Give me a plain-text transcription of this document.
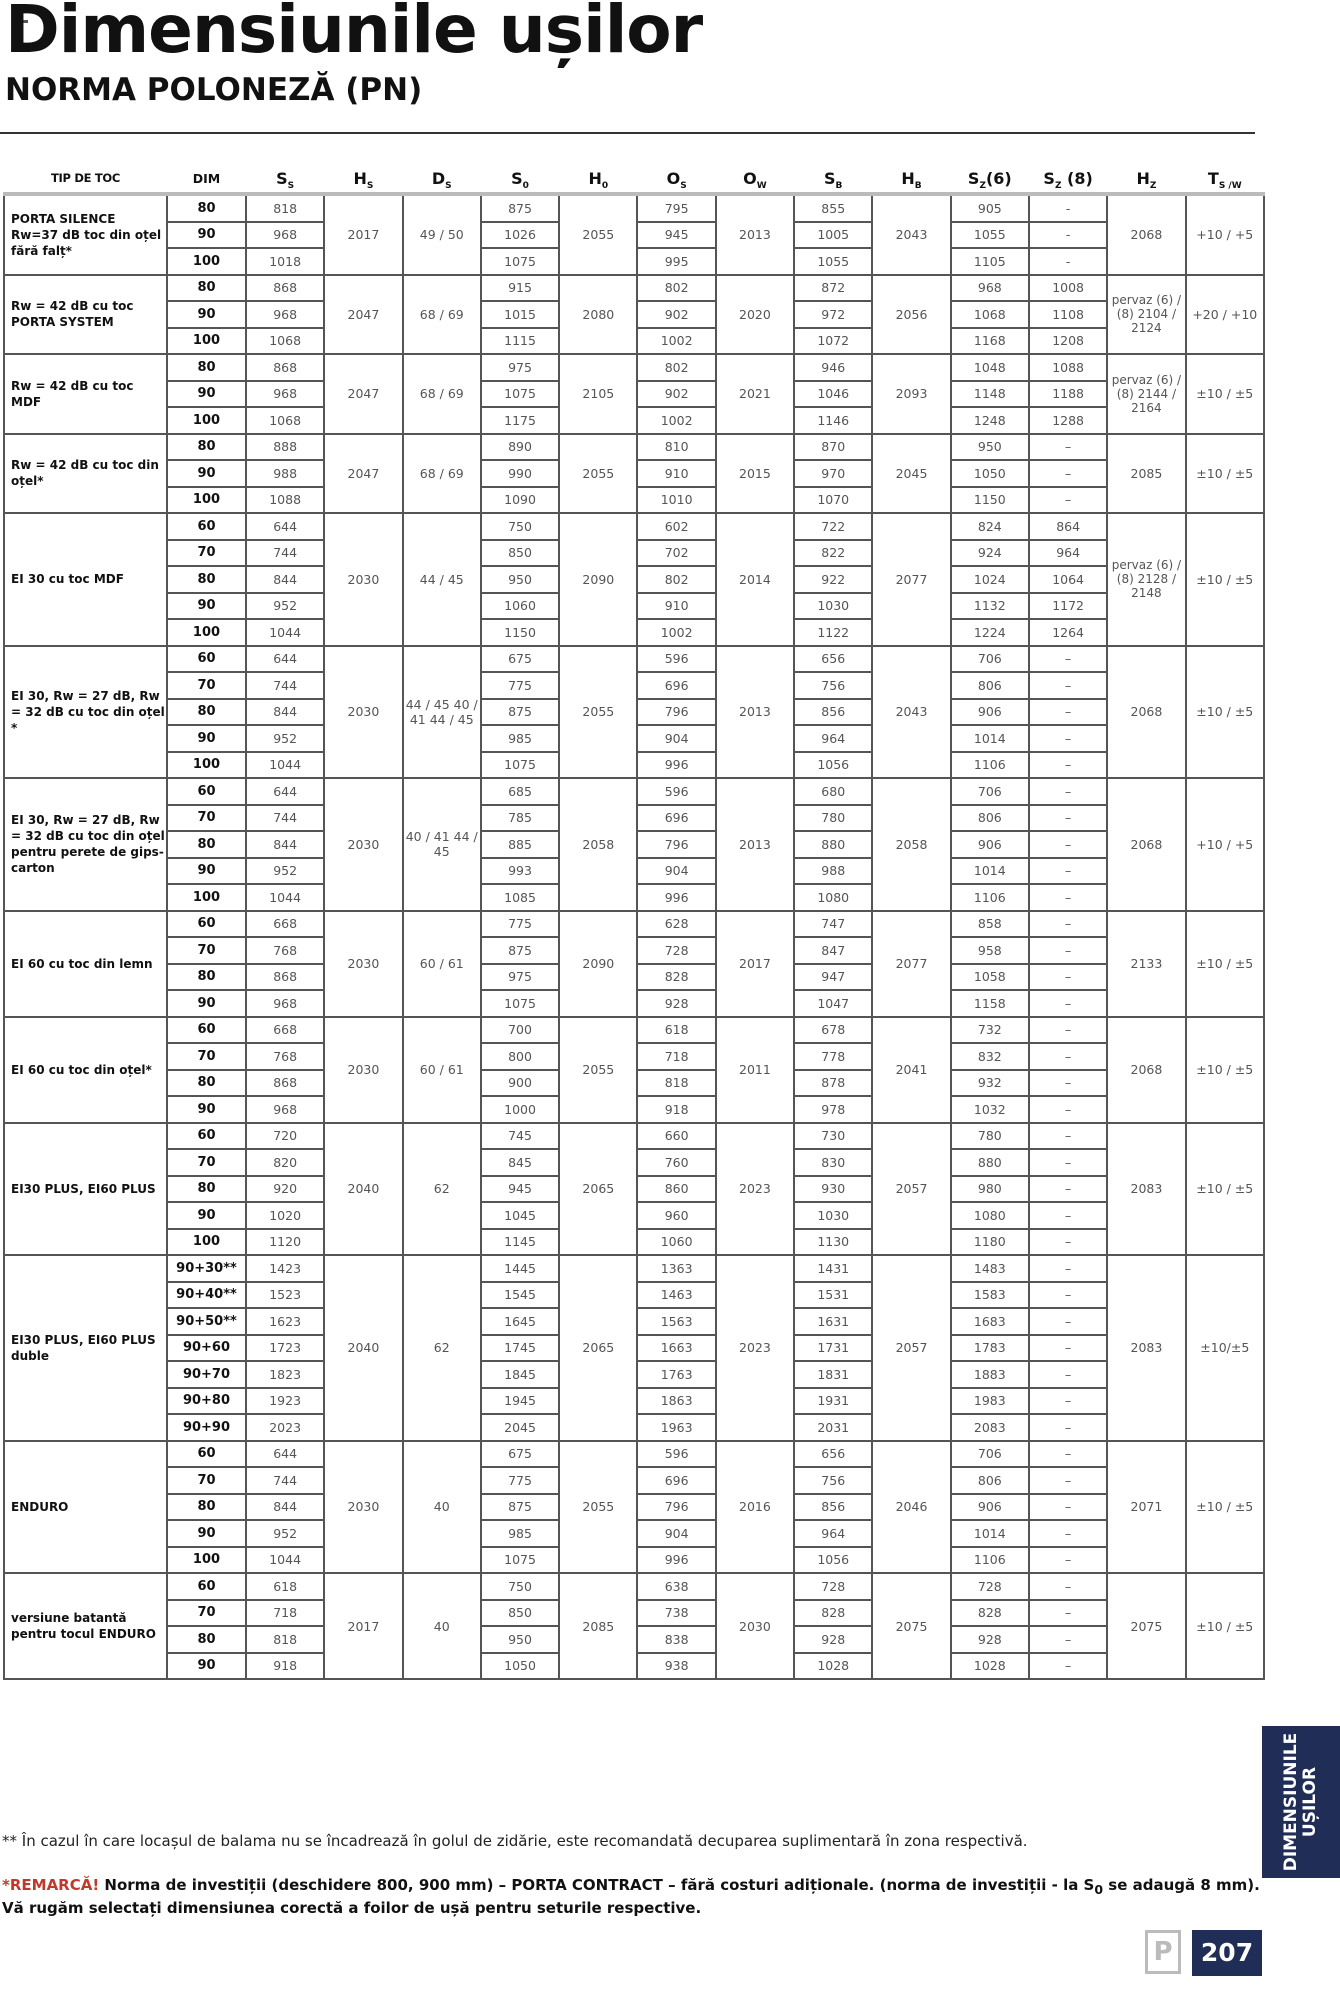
Dimensiunile ușilor
NORMA POLONEZĂ (PN)
TIP DE TOC	DIM	$S_S$	$H_S$	$D_S$	$S_0$	$H_0$	$O_S$	$O_W$	$S_B$	$H_B$	$S_Z(6)$	$S_Z$ (8)	$H_Z$	$T_{S /W}$
PORTA SILENCE Rw=37 dB toc din oțel fără falț*	80	818	2017	49 / 50	875	2055	795	2013	855	2043	905	-	2068	+10 / +5
	90	968			1026		945		1005		1055	-		
	100	1018			1075		995		1055		1105	-		
Rw = 42 dB cu toc PORTA SYSTEM	80	868	2047	68 / 69	915	2080	802	2020	872	2056	968	1008	pervaz (6) / (8) 2104 / 2124	+20 / +10
	90	968			1015		902		972		1068	1108		
	100	1068			1115		1002		1072		1168	1208		
Rw = 42 dB cu toc MDF	80	868	2047	68 / 69	975	2105	802	2021	946	2093	1048	1088	pervaz (6) / (8) 2144 / 2164	±10 / ±5
	90	968			1075		902		1046		1148	1188		
	100	1068			1175		1002		1146		1248	1288		
Rw = 42 dB cu toc din oțel*	80	888	2047	68 / 69	890	2055	810	2015	870	2045	950	–	2085	±10 / ±5
	90	988			990		910		970		1050	–		
	100	1088			1090		1010		1070		1150	–		
EI 30 cu toc MDF	60	644	2030	44 / 45	750	2090	602	2014	722	2077	824	864	pervaz (6) / (8) 2128 / 2148	±10 / ±5
	70	744			850		702		822		924	964		
	80	844			950		802		922		1024	1064		
	90	952			1060		910		1030		1132	1172		
	100	1044			1150		1002		1122		1224	1264		
EI 30, Rw = 27 dB, Rw = 32 dB cu toc din oțel *	60	644	2030	44 / 45 40 / 41 44 / 45	675	2055	596	2013	656	2043	706	–	2068	±10 / ±5
	70	744			775		696		756		806	–		
	80	844			875		796		856		906	–		
	90	952			985		904		964		1014	–		
	100	1044			1075		996		1056		1106	–		
EI 30, Rw = 27 dB, Rw = 32 dB cu toc din oțel pentru perete de gips-carton	60	644	2030	40 / 41 44 / 45	685	2058	596	2013	680	2058	706	–	2068	+10 / +5
	70	744			785		696		780		806	–		
	80	844			885		796		880		906	–		
	90	952			993		904		988		1014	–		
	100	1044			1085		996		1080		1106	–		
EI 60 cu toc din lemn	60	668	2030	60 / 61	775	2090	628	2017	747	2077	858	–	2133	±10 / ±5
	70	768			875		728		847		958	–		
	80	868			975		828		947		1058	–		
	90	968			1075		928		1047		1158	–		
EI 60 cu toc din oțel*	60	668	2030	60 / 61	700	2055	618	2011	678	2041	732	–	2068	±10 / ±5
	70	768			800		718		778		832	–		
	80	868			900		818		878		932	–		
	90	968			1000		918		978		1032	–		
EI30 PLUS, EI60 PLUS	60	720	2040	62	745	2065	660	2023	730	2057	780	–	2083	±10 / ±5
	70	820			845		760		830		880	–		
	80	920			945		860		930		980	–		
	90	1020			1045		960		1030		1080	–		
	100	1120			1145		1060		1130		1180	–		
EI30 PLUS, EI60 PLUS duble	90+30**	1423	2040	62	1445	2065	1363	2023	1431	2057	1483	–	2083	±10/±5
	90+40**	1523			1545		1463		1531		1583	–		
	90+50**	1623			1645		1563		1631		1683	–		
	90+60	1723			1745		1663		1731		1783	–		
	90+70	1823			1845		1763		1831		1883	–		
	90+80	1923			1945		1863		1931		1983	–		
	90+90	2023			2045		1963		2031		2083	–		
ENDURO	60	644	2030	40	675	2055	596	2016	656	2046	706	–	2071	±10 / ±5
	70	744			775		696		756		806	–		
	80	844			875		796		856		906	–		
	90	952			985		904		964		1014	–		
	100	1044			1075		996		1056		1106	–		
versiune batantă pentru tocul ENDURO	60	618	2017	40	750	2085	638	2030	728	2075	728	–	2075	±10 / ±5
	70	718			850		738		828		828	–		
	80	818			950		838		928		928	–		
	90	918			1050		938		1028		1028	–		
** În cazul în care locașul de balama nu se încadrează în golul de zidărie, este recomandată decuparea suplimentară în zona respectivă.
*REMARCĂ! Norma de investiții (deschidere 800, 900 mm) – PORTA CONTRACT – fără costuri adiționale. (norma de investiții - la $S_0$ se adaugă 8 mm).
Vă rugăm selectați dimensiunea corectă a foilor de ușă pentru seturile respective.
DIMENSIUNILE
UȘILOR
P	207
